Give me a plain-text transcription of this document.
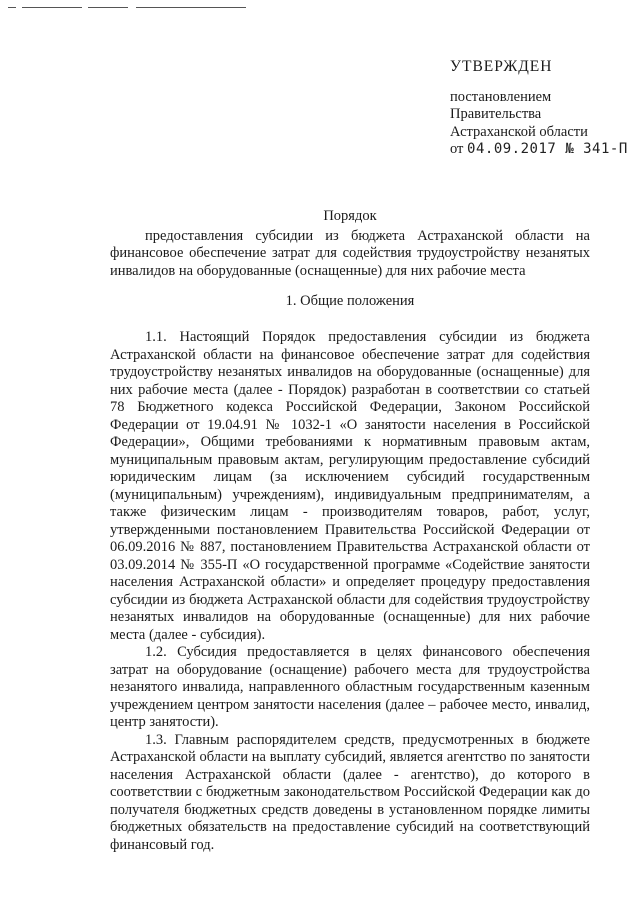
УТВЕРЖДЕН
постановлением
Правительства
Астраханской области
от 04.09.2017 № 341-П
Порядок
предоставления субсидии из бюджета Астраханской области на финансовое обеспечение затрат для содействия трудоустройству незанятых инвалидов на оборудованные (оснащенные) для них рабочие места
1. Общие положения

1.1. Настоящий Порядок предоставления субсидии из бюджета Астраханской области на финансовое обеспечение затрат для содействия трудоустройству незанятых инвалидов на оборудованные (оснащенные) для них рабочие места (далее - Порядок) разработан в соответствии со статьей 78 Бюджетного кодекса Российской Федерации, Законом Российской Федерации от 19.04.91 № 1032-1 «О занятости населения в Российской Федерации», Общими требованиями к нормативным правовым актам, муниципальным правовым актам, регулирующим предоставление субсидий юридическим лицам (за исключением субсидий государственным (муниципальным) учреждениям), индивидуальным предпринимателям, а также физическим лицам - производителям товаров, работ, услуг, утвержденными постановлением Правительства Российской Федерации от 06.09.2016 № 887, постановлением Правительства Астраханской области от 03.09.2014 № 355-П «О государственной программе «Содействие занятости населения Астраханской области» и определяет процедуру предоставления субсидии из бюджета Астраханской области для содействия трудоустройству незанятых инвалидов на оборудованные (оснащенные) для них рабочие места (далее - субсидия).

1.2. Субсидия предоставляется в целях финансового обеспечения затрат на оборудование (оснащение) рабочего места для трудоустройства незанятого инвалида, направленного областным государственным казенным учреждением центром занятости населения (далее – рабочее место, инвалид, центр занятости).

1.3. Главным распорядителем средств, предусмотренных в бюджете Астраханской области на выплату субсидий, является агентство по занятости населения Астраханской области (далее - агентство), до которого в соответствии с бюджетным законодательством Российской Федерации как до получателя бюджетных средств доведены в установленном порядке лимиты бюджетных обязательств на предоставление субсидий на соответствующий финансовый год.
